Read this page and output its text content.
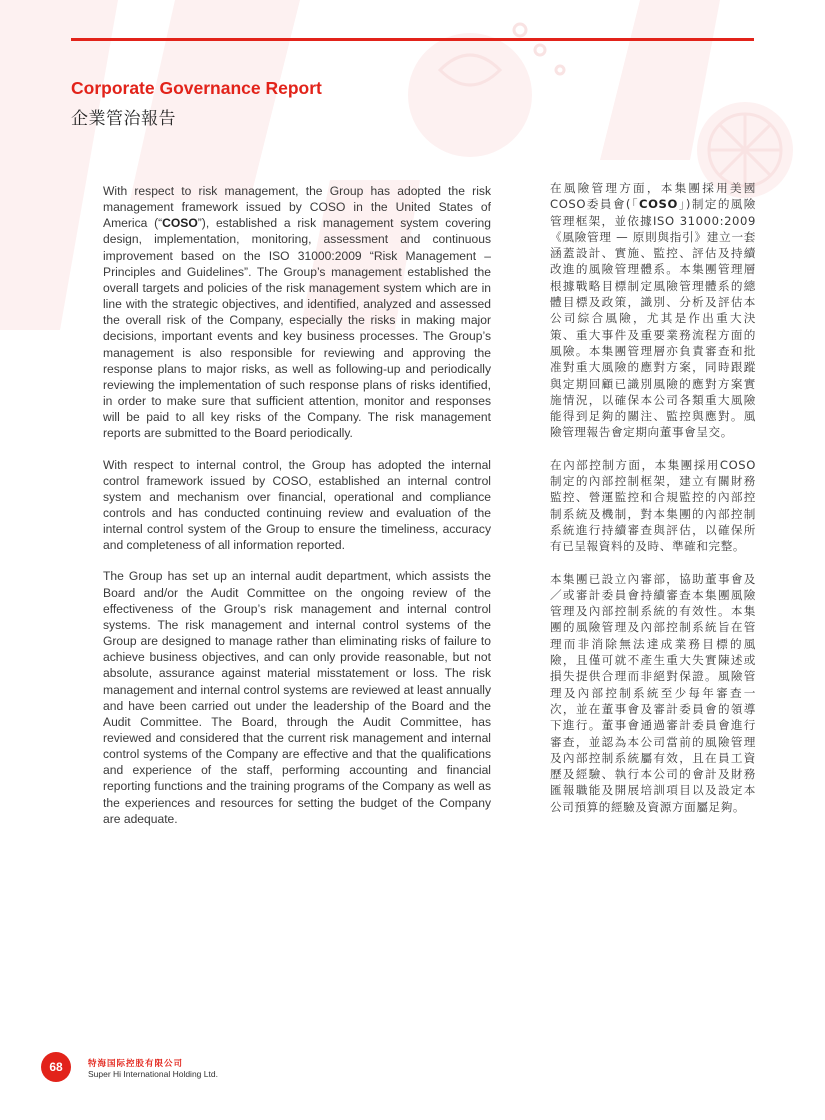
Corporate Governance Report
企業管治報告

With respect to risk management, the Group has adopted the risk management framework issued by COSO in the United States of America (“COSO”), established a risk management system covering design, implementation, monitoring, assessment and continuous improvement based on the ISO 31000:2009 “Risk Management – Principles and Guidelines”. The Group’s management established the overall targets and policies of the risk management system which are in line with the strategic objectives, and identified, analyzed and assessed the overall risk of the Company, especially the risks in making major decisions, important events and key business processes. The Group’s management is also responsible for reviewing and approving the response plans to major risks, as well as following-up and periodically reviewing the implementation of such response plans of risks identified, in order to make sure that sufficient attention, monitor and responses will be paid to all key risks of the Company. The risk management reports are submitted to the Board periodically.

With respect to internal control, the Group has adopted the internal control framework issued by COSO, established an internal control system and mechanism over financial, operational and compliance controls and has conducted continuing review and evaluation of the internal control system of the Group to ensure the timeliness, accuracy and completeness of all information reported.

The Group has set up an internal audit department, which assists the Board and/or the Audit Committee on the ongoing review of the effectiveness of the Group’s risk management and internal control systems. The risk management and internal control systems of the Group are designed to manage rather than eliminating risks of failure to achieve business objectives, and can only provide reasonable, but not absolute, assurance against material misstatement or loss. The risk management and internal control systems are reviewed at least annually and have been carried out under the leadership of the Board and the Audit Committee. The Board, through the Audit Committee, has reviewed and considered that the current risk management and internal control systems of the Company are effective and that the qualifications and experience of the staff, performing accounting and financial reporting functions and the training programs of the Company as well as the experiences and resources for setting the budget of the Company are adequate.

在風險管理方面，本集團採用美國COSO委員會(「COSO」)制定的風險管理框架，並依據ISO 31000:2009《風險管理 — 原則與指引》建立一套涵蓋設計、實施、監控、評估及持續改進的風險管理體系。本集團管理層根據戰略目標制定風險管理體系的總體目標及政策，識別、分析及評估本公司綜合風險，尤其是作出重大決策、重大事件及重要業務流程方面的風險。本集團管理層亦負責審查和批准對重大風險的應對方案，同時跟蹤與定期回顧已識別風險的應對方案實施情況，以確保本公司各類重大風險能得到足夠的關注、監控與應對。風險管理報告會定期向董事會呈交。

在內部控制方面，本集團採用COSO制定的內部控制框架，建立有關財務監控、營運監控和合規監控的內部控制系統及機制，對本集團的內部控制系統進行持續審查與評估，以確保所有已呈報資料的及時、準確和完整。

本集團已設立內審部，協助董事會及／或審計委員會持續審查本集團風險管理及內部控制系統的有效性。本集團的風險管理及內部控制系統旨在管理而非消除無法達成業務目標的風險，且僅可就不產生重大失實陳述或損失提供合理而非絕對保證。風險管理及內部控制系統至少每年審查一次，並在董事會及審計委員會的領導下進行。董事會通過審計委員會進行審查，並認為本公司當前的風險管理及內部控制系統屬有效，且在員工資歷及經驗、執行本公司的會計及財務匯報職能及開展培訓項目以及設定本公司預算的經驗及資源方面屬足夠。

68	特海国际控股有限公司
Super Hi International Holding Ltd.
